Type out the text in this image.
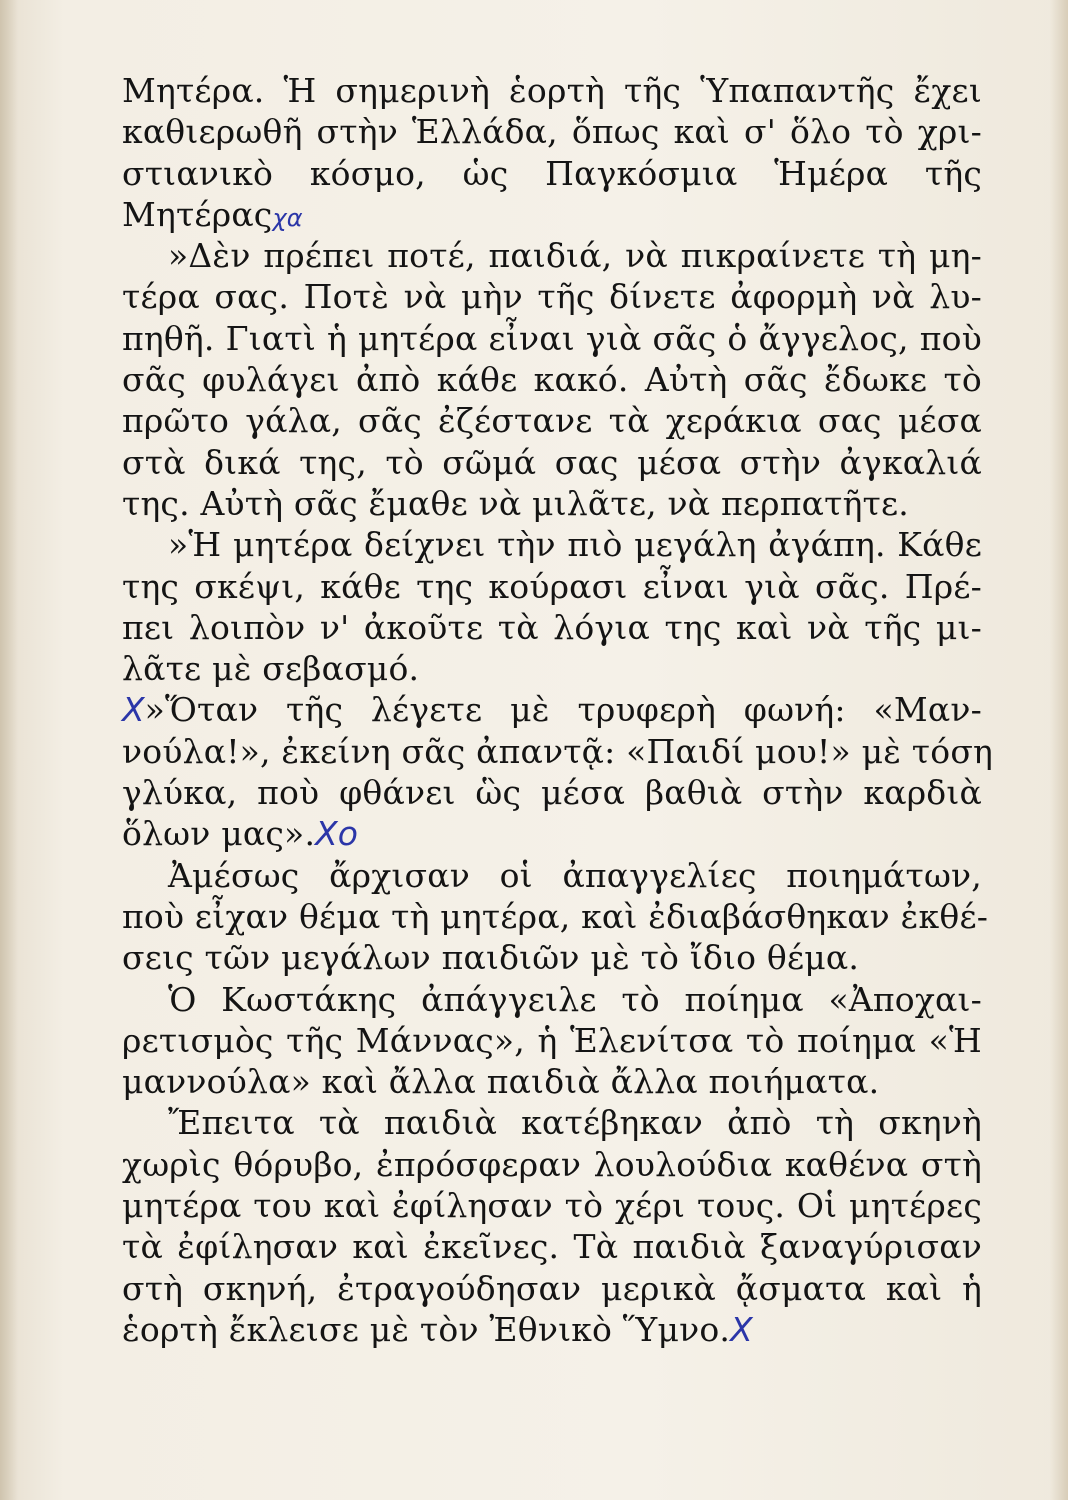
Μητέρα. Ἡ σημερινὴ ἑορτὴ τῆς Ὑπαπαντῆς ἔχει
καθιερωθῆ στὴν Ἑλλάδα, ὅπως καὶ σ' ὅλο τὸ χρι-
στιανικὸ κόσμο, ὡς Παγκόσμια Ἡμέρα τῆς
Μητέραςχα
»Δὲν πρέπει ποτέ, παιδιά, νὰ πικραίνετε τὴ μη-
τέρα σας. Ποτὲ νὰ μὴν τῆς δίνετε ἀφορμὴ νὰ λυ-
πηθῆ. Γιατὶ ἡ μητέρα εἶναι γιὰ σᾶς ὁ ἄγγελος, ποὺ
σᾶς φυλάγει ἀπὸ κάθε κακό. Αὐτὴ σᾶς ἔδωκε τὸ
πρῶτο γάλα, σᾶς ἐζέστανε τὰ χεράκια σας μέσα
στὰ δικά της, τὸ σῶμά σας μέσα στὴν ἀγκαλιά
της. Αὐτὴ σᾶς ἔμαθε νὰ μιλᾶτε, νὰ περπατῆτε.
»Ἡ μητέρα δείχνει τὴν πιὸ μεγάλη ἀγάπη. Κάθε
της σκέψι, κάθε της κούρασι εἶναι γιὰ σᾶς. Πρέ-
πει λοιπὸν ν' ἀκοῦτε τὰ λόγια της καὶ νὰ τῆς μι-
λᾶτε μὲ σεβασμό.
X»Ὅταν τῆς λέγετε μὲ τρυφερὴ φωνή: «Μαν-
νούλα!», ἐκείνη σᾶς ἀπαντᾷ: «Παιδί μου!» μὲ τόση
γλύκα, ποὺ φθάνει ὣς μέσα βαθιὰ στὴν καρδιὰ
ὅλων μας».Xo
Ἀμέσως ἄρχισαν οἱ ἀπαγγελίες ποιημάτων,
ποὺ εἶχαν θέμα τὴ μητέρα, καὶ ἐδιαβάσθηκαν ἐκθέ-
σεις τῶν μεγάλων παιδιῶν μὲ τὸ ἴδιο θέμα.
Ὁ Κωστάκης ἀπάγγειλε τὸ ποίημα «Ἀποχαι-
ρετισμὸς τῆς Μάννας», ἡ Ἑλενίτσα τὸ ποίημα «Ἡ
μαννούλα» καὶ ἄλλα παιδιὰ ἄλλα ποιήματα.
Ἔπειτα τὰ παιδιὰ κατέβηκαν ἀπὸ τὴ σκηνὴ
χωρὶς θόρυβο, ἐπρόσφεραν λουλούδια καθένα στὴ
μητέρα του καὶ ἐφίλησαν τὸ χέρι τους. Οἱ μητέρες
τὰ ἐφίλησαν καὶ ἐκεῖνες. Τὰ παιδιὰ ξαναγύρισαν
στὴ σκηνή, ἐτραγούδησαν μερικὰ ᾄσματα καὶ ἡ
ἑορτὴ ἔκλεισε μὲ τὸν Ἐθνικὸ Ὕμνο.X
